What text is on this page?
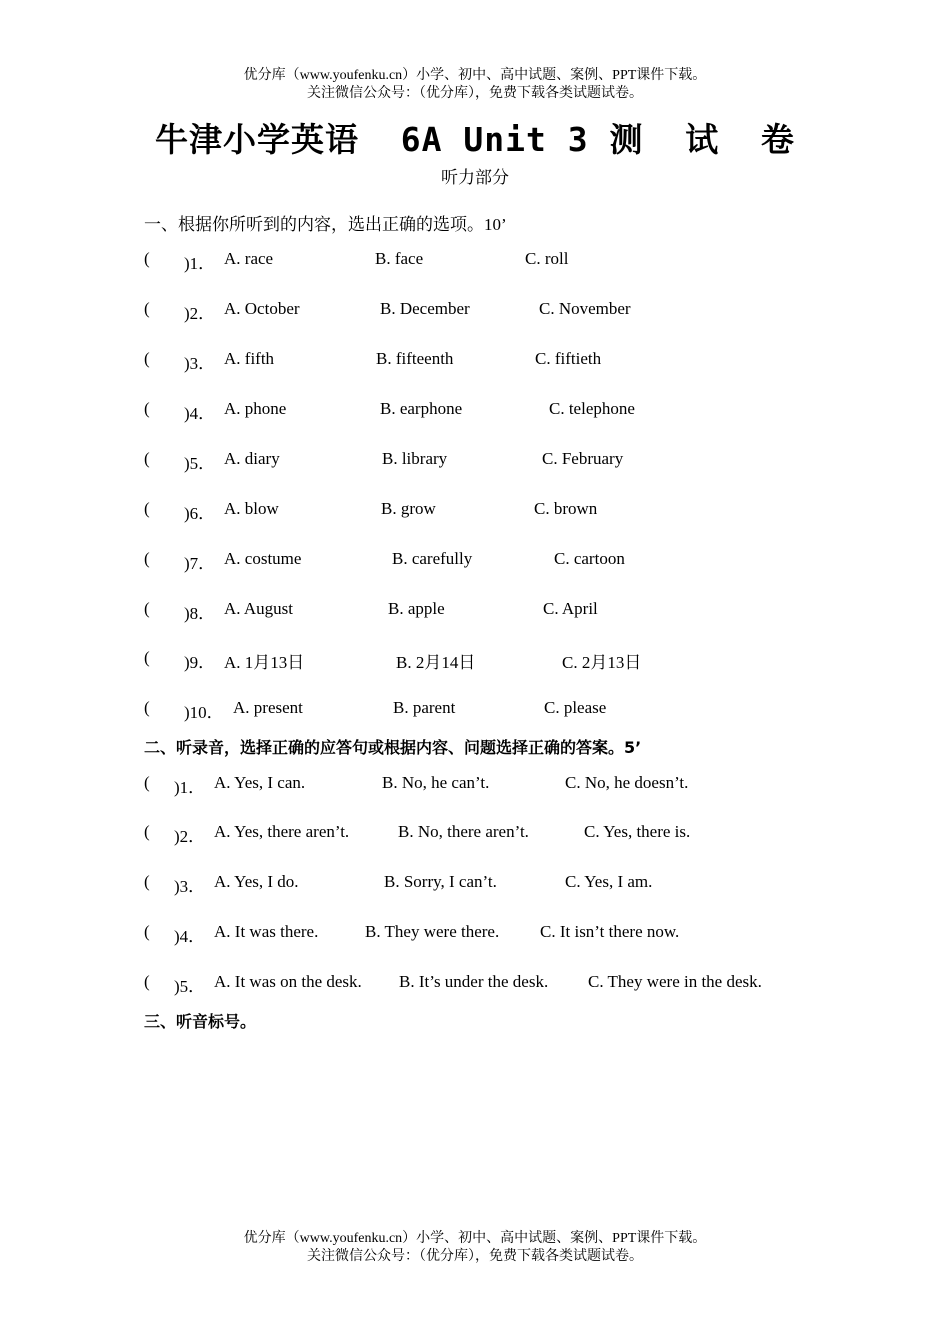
优分库（www.youfenku.cn）小学、初中、高中试题、案例、PPT课件下载。
关注微信公众号：（优分库），免费下载各类试题试卷。
牛津小学英语  6A Unit 3 测  试  卷
听力部分
一、根据你所听到的内容，选出正确的选项。10’
( )1． A. race	B. face	C. roll
( )2． A. October	B. December	C. November
( )3． A. fifth	B. fifteenth	C. fiftieth
( )4． A. phone	B. earphone	C. telephone
( )5． A. diary	B. library	C. February
( )6． A. blow	B. grow	C. brown
( )7． A. costume	B. carefully	C. cartoon
( )8． A. August	B. apple	C. April
( )9． A. 1月13日	B. 2月14日	C. 2月13日
( )10． A. present	B. parent	C. please
二、听录音，选择正确的应答句或根据内容、问题选择正确的答案。5’
( )1． A. Yes, I can.	B. No, he can’t.	C. No, he doesn’t.
( )2． A. Yes, there aren’t.	B. No, there aren’t.	C. Yes, there is.
( )3． A. Yes, I do.	B. Sorry, I can’t.	C. Yes, I am.
( )4． A. It was there.	B. They were there. C. It isn’t there now.
( )5． A. It was on the desk. B. It’s under the desk. C. They were in the desk.
三、听音标号。
优分库（www.youfenku.cn）小学、初中、高中试题、案例、PPT课件下载。
关注微信公众号：（优分库），免费下载各类试题试卷。
